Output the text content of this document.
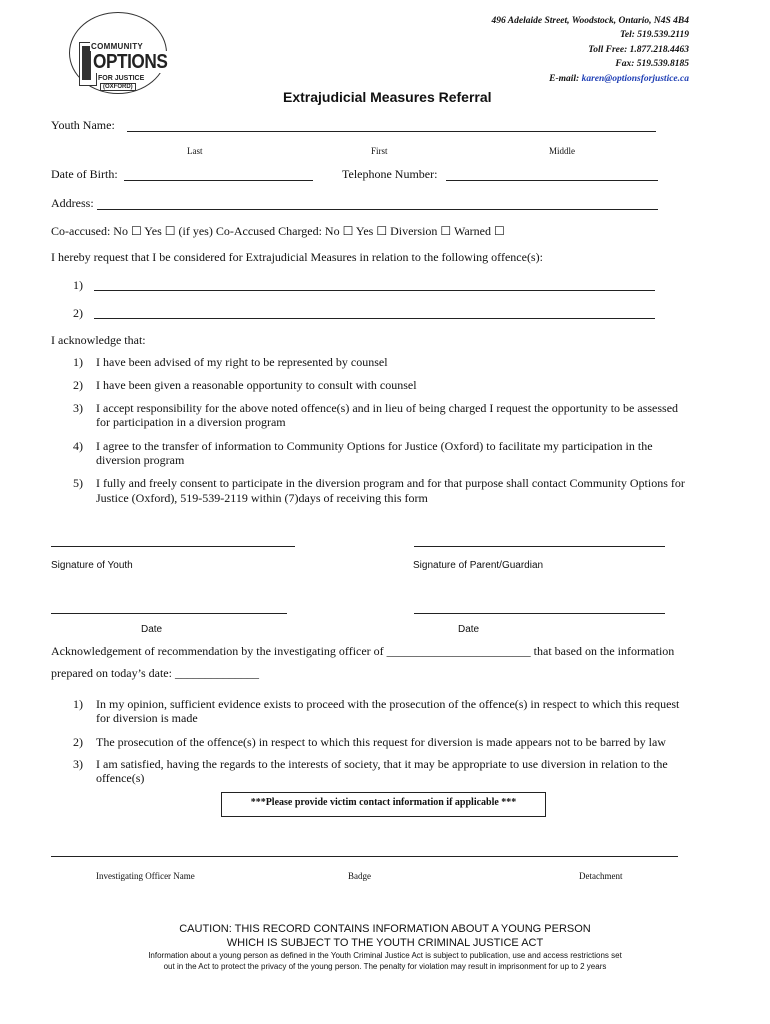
COMMUNITY
OPTIONS
FOR JUSTICE
(OXFORD)
496 Adelaide Street, Woodstock, Ontario, N4S 4B4
Tel: 519.539.2119
Toll Free: 1.877.218.4463
Fax: 519.539.8185
E-mail: karen@optionsforjustice.ca
Extrajudicial Measures Referral
Youth Name:
Last	First	Middle
Date of Birth:	Telephone Number:
Address:
Co-accused: No ☐ Yes ☐ (if yes) Co-Accused Charged: No ☐ Yes ☐ Diversion ☐ Warned ☐
I hereby request that I be considered for Extrajudicial Measures in relation to the following offence(s):
1)
2)
I acknowledge that:
1) I have been advised of my right to be represented by counsel
2) I have been given a reasonable opportunity to consult with counsel
3) I accept responsibility for the above noted offence(s) and in lieu of being charged I request the opportunity to be assessed
for participation in a diversion program
4) I agree to the transfer of information to Community Options for Justice (Oxford) to facilitate my participation in the
diversion program
5) I fully and freely consent to participate in the diversion program and for that purpose shall contact Community Options for
Justice (Oxford), 519-539-2119 within (7)days of receiving this form
Signature of Youth	Signature of Parent/Guardian
Date	Date
Acknowledgement of recommendation by the investigating officer of ________________________ that based on the information
prepared on today’s date: ______________
1) In my opinion, sufficient evidence exists to proceed with the prosecution of the offence(s) in respect to which this request
for diversion is made
2) The prosecution of the offence(s) in respect to which this request for diversion is made appears not to be barred by law
3) I am satisfied, having the regards to the interests of society, that it may be appropriate to use diversion in relation to the
offence(s)
***Please provide victim contact information if applicable ***
Investigating Officer Name	Badge	Detachment
CAUTION: THIS RECORD CONTAINS INFORMATION ABOUT A YOUNG PERSON
WHICH IS SUBJECT TO THE YOUTH CRIMINAL JUSTICE ACT
Information about a young person as defined in the Youth Criminal Justice Act is subject to publication, use and access restrictions set
out in the Act to protect the privacy of the young person. The penalty for violation may result in imprisonment for up to 2 years
